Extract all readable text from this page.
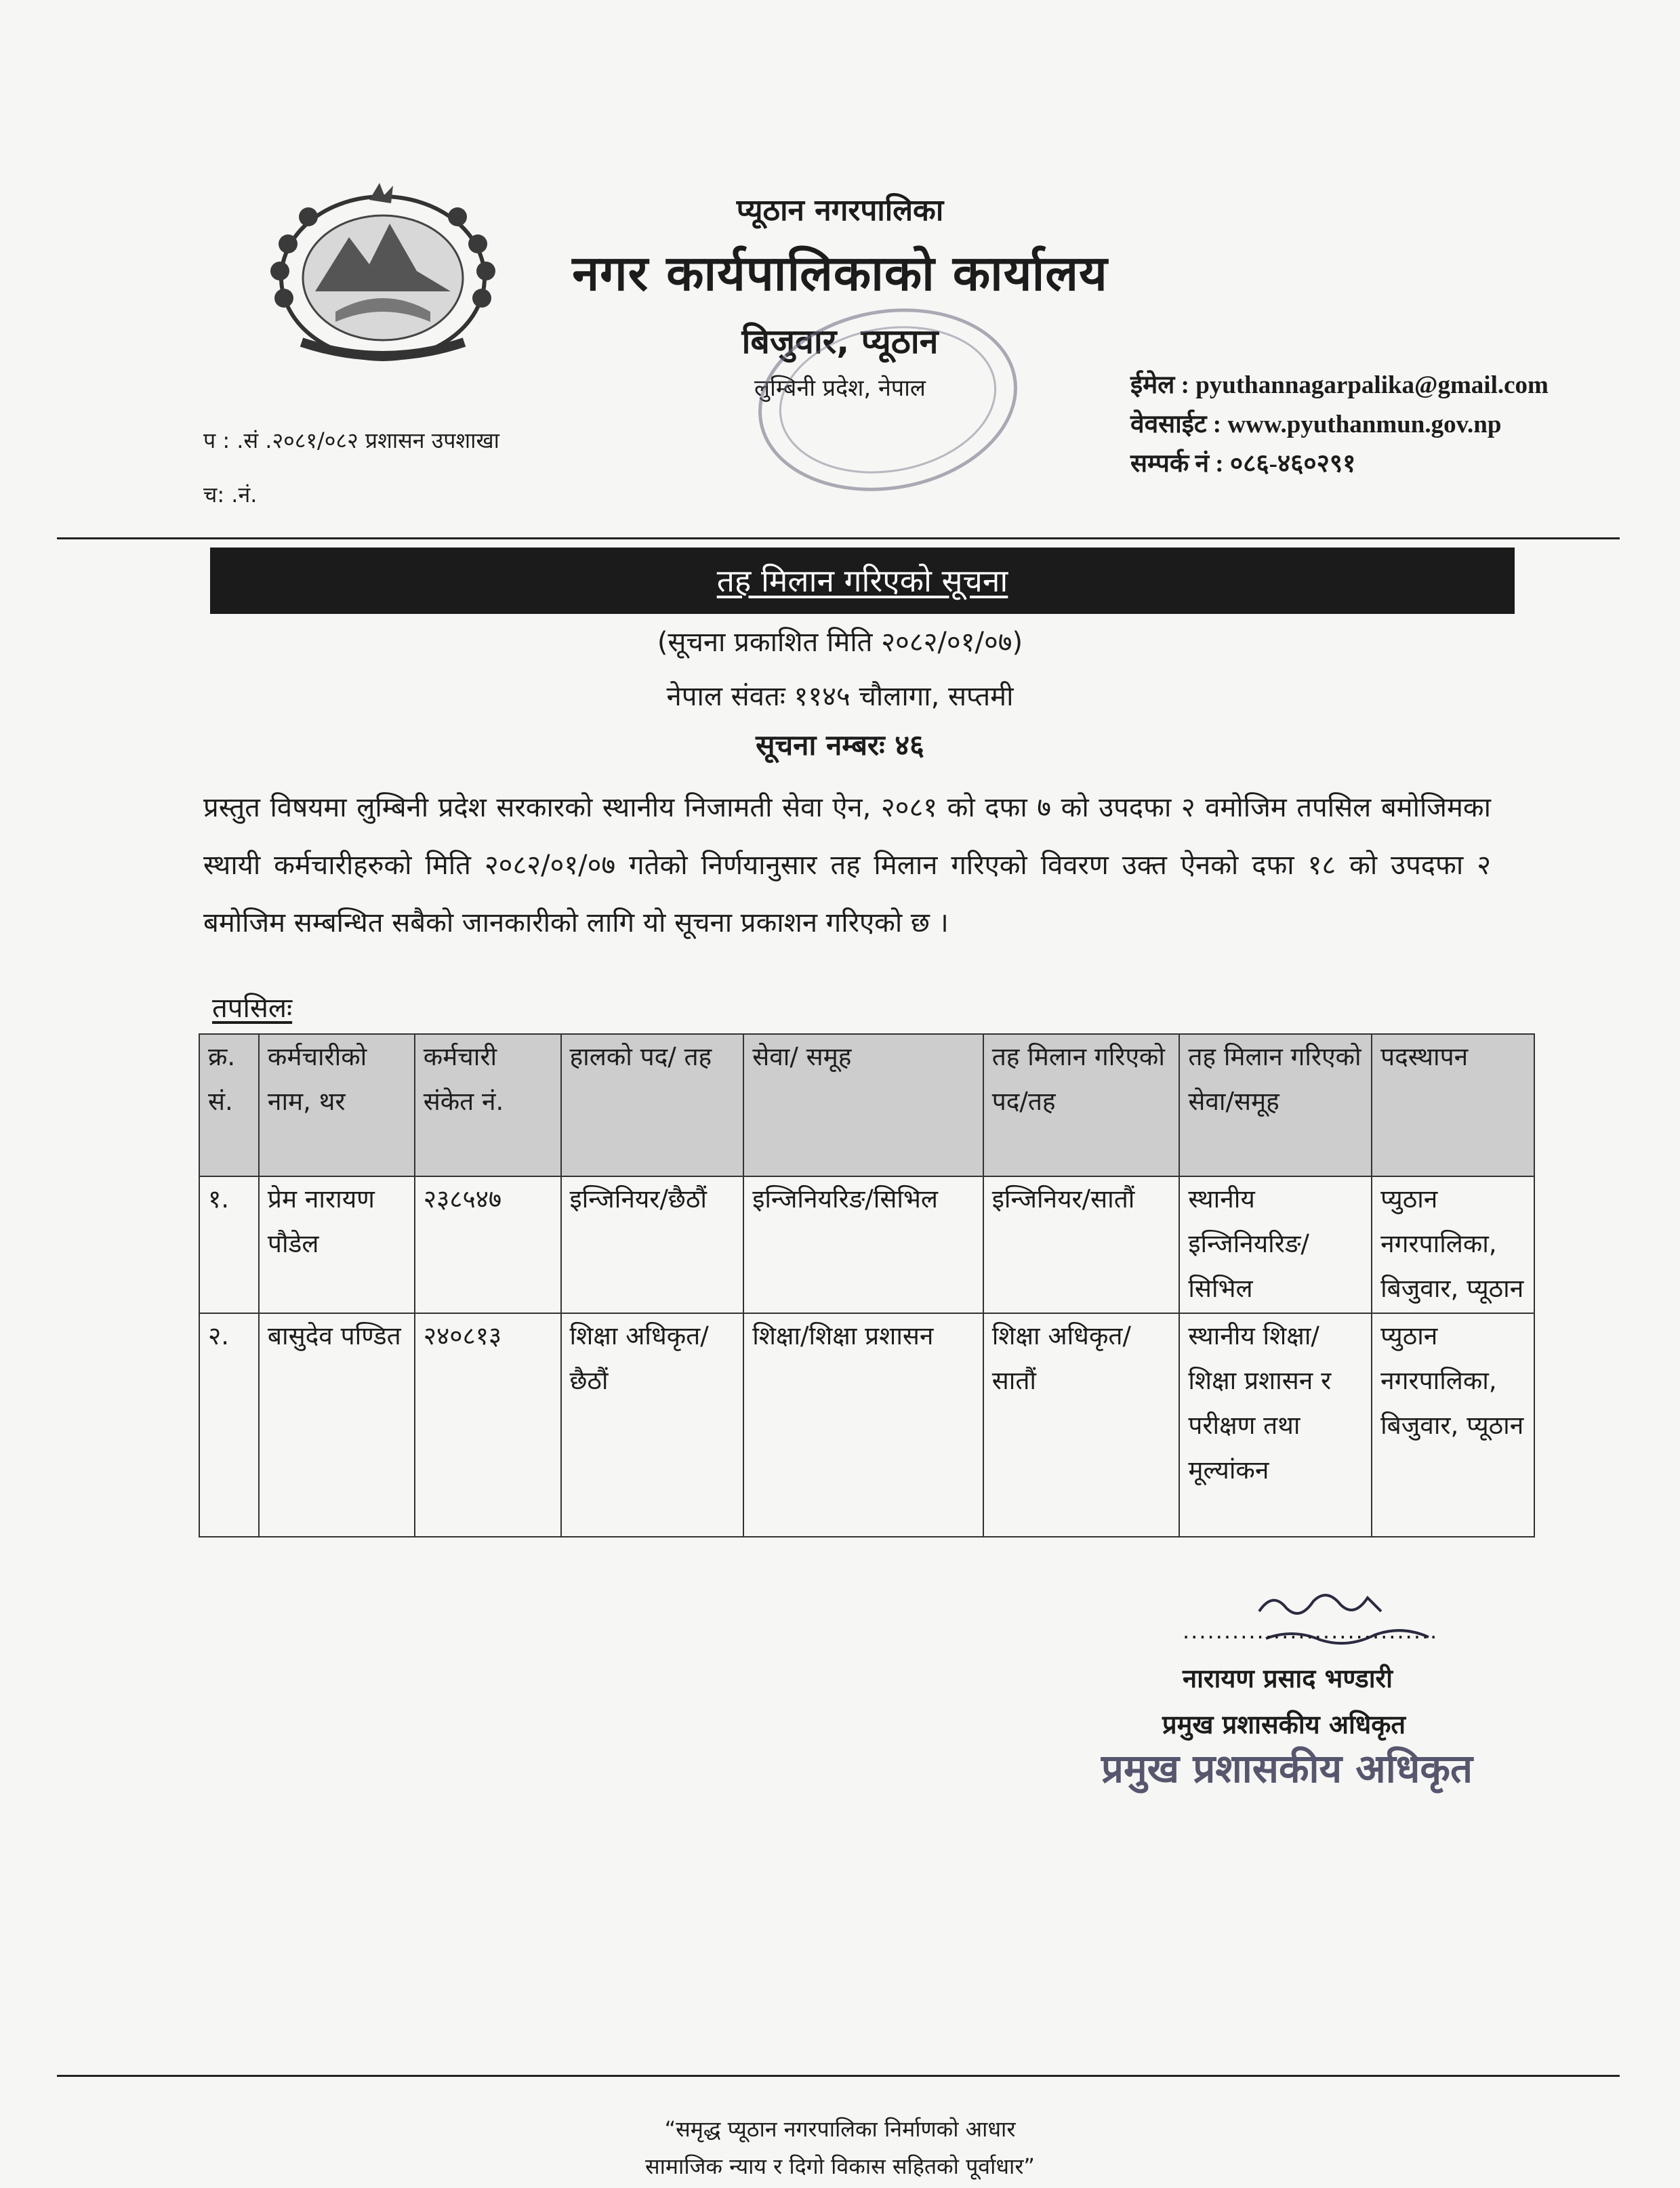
प्यूठान नगरपालिका
नगर कार्यपालिकाको कार्यालय
बिजुवार, प्यूठान
लुम्बिनी प्रदेश, नेपाल	ईमेल : pyuthannagarpalika@gmail.com
वेवसाईट : www.pyuthanmun.gov.np
सम्पर्क नं : ०८६-४६०२९१
प : .सं .२०८१/०८२ प्रशासन उपशाखा
च: .नं.
तह मिलान गरिएको सूचना
(सूचना प्रकाशित मिति २०८२/०१/०७)
नेपाल संवतः ११४५ चौलागा, सप्तमी
सूचना नम्बरः ४६
प्रस्तुत विषयमा लुम्बिनी प्रदेश सरकारको स्थानीय निजामती सेवा ऐन, २०८१ को दफा ७ को उपदफा २ वमोजिम तपसिल बमोजिमका स्थायी कर्मचारीहरुको मिति २०८२/०१/०७ गतेको निर्णयानुसार तह मिलान गरिएको विवरण उक्त ऐनको दफा १८ को उपदफा २ बमोजिम सम्बन्धित सबैको जानकारीको लागि यो सूचना प्रकाशन गरिएको छ ।
तपसिलः
क्र. सं.	कर्मचारीको नाम, थर	कर्मचारी संकेत नं.	हालको पद/ तह	सेवा/ समूह	तह मिलान गरिएको पद/तह	तह मिलान गरिएको सेवा/समूह	पदस्थापन
१.	प्रेम नारायण पौडेल	२३८५४७	इन्जिनियर/छैठौं	इन्जिनियरिङ/सिभिल	इन्जिनियर/सातौं	स्थानीय इन्जिनियरिङ/ सिभिल	प्युठान नगरपालिका, बिजुवार, प्यूठान
२.	बासुदेव पण्डित	२४०८१३	शिक्षा अधिकृत/छैठौं	शिक्षा/शिक्षा प्रशासन	शिक्षा अधिकृत/सातौं	स्थानीय शिक्षा/शिक्षा प्रशासन र परीक्षण तथा मूल्यांकन	प्युठान नगरपालिका, बिजुवार, प्यूठान
...............................
नारायण प्रसाद भण्डारी
प्रमुख प्रशासकीय अधिकृत
प्रमुख प्रशासकीय अधिकृत
“समृद्ध प्यूठान नगरपालिका निर्माणको आधार
सामाजिक न्याय र दिगो विकास सहितको पूर्वाधार”
